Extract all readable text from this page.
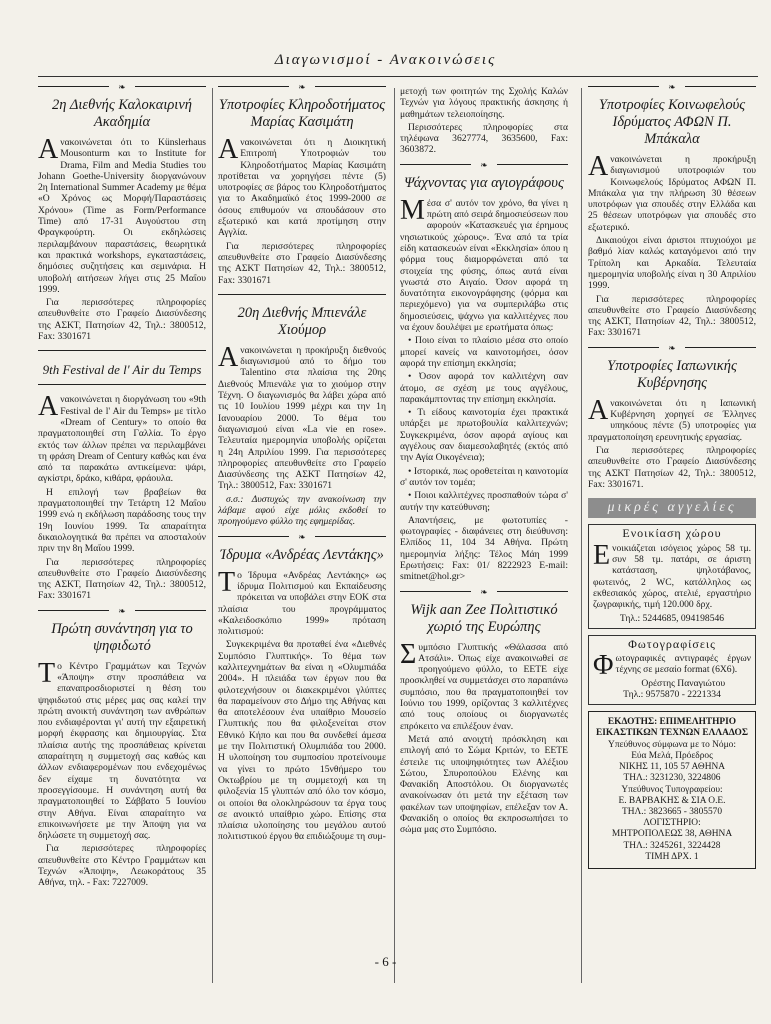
Διαγωνισμοί - Ανακοινώσεις
❧
2η Διεθνής Καλοκαιρινή Ακαδημία

Ανακοινώνεται ότι το Künslerhaus Mousonturm και το Institute for Drama, Film and Media Studies του Johann Goethe-University διοργανώνουν 2η International Summer Academy με θέμα «Ο Χρόνος ως Μορφή/Παραστάσεις Χρόνου» (Time as Form/Performance Time) από 17-31 Αυγούστου στη Φραγκφούρτη. Οι εκδηλώσεις περιλαμβάνουν παραστάσεις, θεωρητικά και πρακτικά workshops, εγκαταστάσεις, δημόσιες συζητήσεις και σεμινάρια. Η υποβολή αιτήσεων λήγει στις 25 Μαΐου 1999.

Για περισσότερες πληροφορίες απευθυνθείτε στο Γραφείο Διασύνδεσης της ΑΣΚΤ, Πατησίων 42, Τηλ.: 3800512, Fax: 3301671

9th Festival de l' Air du Temps

Ανακοινώνεται η διοργάνωση του «9th Festival de l' Air du Temps» με τίτλο «Dream of Century» το οποίο θα πραγματοποιηθεί στη Γαλλία. Το έργο εκτός των άλλων πρέπει να περιλαμβάνει τη φράση Dream of Century καθώς και ένα από τα παρακάτω αντικείμενα: ψάρι, αγκίστρι, δράκο, κιθάρα, φράουλα.

Η επιλογή των βραβείων θα πραγματοποιηθεί την Τετάρτη 12 Μαΐου 1999 ενώ η εκδήλωση παράδοσης τους την 19η Ιουνίου 1999. Τα απαραίτητα δικαιολογητικά θα πρέπει να αποσταλούν πριν την 8η Μαΐου 1999.

Για περισσότερες πληροφορίες απευθυνθείτε στο Γραφείο Διασύνδεσης της ΑΣΚΤ, Πατησίων 42, Τηλ.: 3800512, Fax: 3301671

❧
Πρώτη συνάντηση για το ψηφιδωτό

Το Κέντρο Γραμμάτων και Τεχνών «Άποψη» στην προσπάθεια να επαναπροσδιοριστεί η θέση του ψηφιδωτού στις μέρες μας σας καλεί την πρώτη ανοικτή συνάντηση των ανθρώπων που ενδιαφέρονται γι' αυτή την εξαιρετική μορφή έκφρασης και δημιουργίας. Στα πλαίσια αυτής της προσπάθειας κρίνεται απαραίτητη η συμμετοχή σας καθώς και άλλων ενδιαφερομένων που ενδεχομένως δεν είχαμε τη δυνατότητα να προσεγγίσουμε. Η συνάντηση αυτή θα πραγματοποιηθεί το Σάββατο 5 Ιουνίου στην Αθήνα. Είναι απαραίτητο να επικοινωνήσετε με την Άποψη για να δηλώσετε τη συμμετοχή σας.

Για περισσότερες πληροφορίες απευθυνθείτε στο Κέντρο Γραμμάτων και Τεχνών «Άποψη», Λεωκοράτους 35 Αθήνα, τηλ. - Fax: 7227009.

❧
Υποτροφίες Κληροδοτήματος Μαρίας Κασιμάτη

Ανακοινώνεται ότι η Διοικητική Επιτροπή Υποτροφιών του Κληροδοτήματος Μαρίας Κασιμάτη προτίθεται να χορηγήσει πέντε (5) υποτροφίες σε βάρος του Κληροδοτήματος για το Ακαδημαϊκό έτος 1999-2000 σε όσους επιθυμούν να σπουδάσουν στο εξωτερικό και κατά προτίμηση στην Αγγλία.

Για περισσότερες πληροφορίες απευθυνθείτε στο Γραφείο Διασύνδεσης της ΑΣΚΤ Πατησίων 42, Τηλ.: 3800512, Fax: 3301671

20η Διεθνής Μπιενάλε Χιούμορ

Ανακοινώνεται η προκήρυξη διεθνούς διαγωνισμού από το δήμο του Talentino στα πλαίσια της 20ης Διεθνούς Μπιενάλε για το χιούμορ στην Τέχνη. Ο διαγωνισμός θα λάβει χώρα από τις 10 Ιουλίου 1999 μέχρι και την 1η Ιανουαρίου 2000. Το θέμα του διαγωνισμού είναι «La vie en rose». Τελευταία ημερομηνία υποβολής ορίζεται η 24η Απριλίου 1999. Για περισσότερες πληροφορίες απευθυνθείτε στο Γραφείο Διασύνδεσης της ΑΣΚΤ Πατησίων 42, Τηλ.: 3800512, Fax: 3301671

σ.σ.: Δυστυχώς την ανακοίνωση την λάβαμε αφού είχε μόλις εκδοθεί το προηγούμενο φύλλο της εφημερίδας.

❧
Ίδρυμα «Ανδρέας Λεντάκης»

Το Ίδρυμα «Ανδρέας Λεντάκης» ως ίδρυμα Πολιτισμού και Εκπαίδευσης πρόκειται να υποβάλει στην ΕΟΚ στα πλαίσια του προγράμματος «Καλειδοσκόπιο 1999» πρόταση πολιτισμού:

Συγκεκριμένα θα προταθεί ένα «Διεθνές Συμπόσιο Γλυπτικής». Το θέμα των καλλιτεχνημάτων θα είναι η «Ολυμπιάδα 2004». Η πλειάδα των έργων που θα φιλοτεχνήσουν οι διακεκριμένοι γλύπτες θα παραμείνουν στο Δήμο της Αθήνας και θα αποτελέσουν ένα υπαίθριο Μουσείο Γλυπτικής που θα φιλοξενείται στον Εθνικό Κήπο και που θα συνδεθεί άμεσα με την Πολιτιστική Ολυμπιάδα του 2000. Η υλοποίηση του συμποσίου προτείνουμε να γίνει το πρώτο 15νθήμερο του Οκτωβρίου με τη συμμετοχή και τη φιλοξενία 15 γλυπτών από όλο τον κόσμο, οι οποίοι θα ολοκληρώσουν τα έργα τους σε ανοικτό υπαίθριο χώρο. Επίσης στα πλαίσια υλοποίησης του μεγάλου αυτού πολιτιστικού έργου θα επιδιώξουμε τη συμ-

μετοχή των φοιτητών της Σχολής Καλών Τεχνών για λόγους πρακτικής άσκησης ή μαθημάτων τελειοποίησης.

Περισσότερες πληροφορίες στα τηλέφωνα 3627774, 3635600, Fax: 3603872.

❧
Ψάχνοντας για αγιογράφους

Μέσα σ' αυτόν τον χρόνο, θα γίνει η πρώτη από σειρά δημοσιεύσεων που αφορούν «Κατασκευές για έρημους νησιωτικούς χώρους». Ένα από τα τρία είδη κατασκευών είναι «Εκκλησία» όπου η φόρμα τους διαμορφώνεται από τα στοιχεία της φύσης, όπως αυτά είναι γνωστά στο Αιγαίο. Όσον αφορά τη δυνατότητα εικονογράφησης (φόρμα και περιεχόμενο) για να συμπεριλάβω στις δημοσιεύσεις, ψάχνω για καλλιτέχνες που να έχουν δουλέψει με ερωτήματα όπως:

• Ποιο είναι το πλαίσιο μέσα στο οποίο μπορεί κανείς να καινοτομήσει, όσον αφορά την επίσημη εκκλησία;

• Όσον αφορά τον καλλιτέχνη σαν άτομο, σε σχέση με τους αγγέλους, παρακάμπτοντας την επίσημη εκκλησία.

• Τι είδους καινοτομία έχει πρακτικά υπάρξει με πρωτοβουλία καλλιτεχνών; Συγκεκριμένα, όσον αφορά αγίους και αγγέλους σαν διαμεσολαβητές (εκτός από την Αγία Οικογένεια);

• Ιστορικά, πως οροθετείται η καινοτομία σ' αυτόν τον τομέα;

• Ποιοι καλλιτέχνες προσπαθούν τώρα σ' αυτήν την κατεύθυνση;

Απαντήσεις, με φωτοτυπίες - φωτογραφίες - διαφάνειες στη διεύθυνση: Ελπίδος 11, 104 34 Αθήνα. Πρώτη ημερομηνία λήξης: Τέλος Μάη 1999 Ερωτήσεις: Fax: 01/ 8222923 E-mail: smitnet@hol.gr>

❧
Wijk aan Zee Πολιτιστικό χωριό της Ευρώπης

Συμπόσιο Γλυπτικής «Θάλασσα από Ατσάλι». Όπως είχε ανακοινωθεί σε προηγούμενο φύλλο, το ΕΕΤΕ είχε προσκληθεί να συμμετάσχει στο παραπάνω συμπόσιο, που θα πραγματοποιηθεί τον Ιούνιο του 1999, ορίζοντας 3 καλλιτέχνες από τους οποίους οι διοργανωτές επρόκειτο να επιλέξουν έναν.

Μετά από ανοιχτή πρόσκληση και επιλογή από το Σώμα Κριτών, το ΕΕΤΕ έστειλε τις υποψηφιότητες των Αλέξιου Σώτου, Σπυροπούλου Ελένης και Φανακίδη Αποστόλου. Οι διοργανωτές ανακοίνωσαν ότι μετά την εξέταση των φακέλων των υποψηφίων, επέλεξαν τον Α. Φανακίδη ο οποίος θα εκπροσωπήσει το σώμα μας στο Συμπόσιο.

❧
Υποτροφίες Κοινωφελούς Ιδρύματος ΑΦΩΝ Π. Μπάκαλα

Ανακοινώνεται η προκήρυξη διαγωνισμού υποτροφιών του Κοινωφελούς Ιδρύματος ΑΦΩΝ Π. Μπάκαλα για την πλήρωση 30 θέσεων υποτρόφων για σπουδές στην Ελλάδα και 25 θέσεων υποτρόφων για σπουδές στο εξωτερικό.

Δικαιούχοι είναι άριστοι πτυχιούχοι με βαθμό λίαν καλώς καταγόμενοι από την Τρίπολη και Αρκαδία. Τελευταία ημερομηνία υποβολής είναι η 30 Απριλίου 1999.

Για περισσότερες πληροφορίες απευθυνθείτε στο Γραφείο Διασύνδεσης της ΑΣΚΤ, Πατησίων 42, Τηλ.: 3800512, Fax: 3301671

❧
Υποτροφίες Ιαπωνικής Κυβέρνησης

Ανακοινώνεται ότι η Ιαπωνική Κυβέρνηση χορηγεί σε Έλληνες υπηκόους πέντε (5) υποτροφίες για πραγματοποίηση ερευνητικής εργασίας.

Για περισσότερες πληροφορίες απευθυνθείτε στο Γραφείο Διασύνδεσης της ΑΣΚΤ Πατησίων 42, Τηλ.: 3800512, Fax: 3301671.

μικρές αγγελίες
Ενοικίαση χώρου

Ενοικιάζεται ισόγειος χώρος 58 τμ. συν 58 τμ. πατάρι, σε άριστη κατάσταση, ψηλοτάβανος, φωτεινός, 2 WC, κατάλληλος ως εκθεσιακός χώρος, ατελιέ, εργαστήριο ζωγραφικής, τιμή 120.000 δρχ.

Τηλ.: 5244685, 094198546
Φωτογραφίσεις

Φωτογραφικές αντιγραφές έργων τέχνης σε μεσαίο format (6Χ6).

Ορέστης Παναγιώτου
Τηλ.: 9575870 - 2221334
ΕΚΔΟΤΗΣ: ΕΠΙΜΕΛΗΤΗΡΙΟ
ΕΙΚΑΣΤΙΚΩΝ ΤΕΧΝΩΝ ΕΛΛΑΔΟΣ
Υπεύθυνος σύμφωνα με το Νόμο:
Εύα Μελά, Πρόεδρος
ΝΙΚΗΣ 11, 105 57 ΑΘΗΝΑ
ΤΗΛ.: 3231230, 3224806
Υπεύθυνος Τυπογραφείου:
Ε. ΒΑΡΒΑΚΗΣ & ΣΙΑ Ο.Ε.
ΤΗΛ.: 3823665 - 3805570
ΛΟΓΙΣΤΗΡΙΟ:
ΜΗΤΡΟΠΟΛΕΩΣ 38, ΑΘΗΝΑ
ΤΗΛ.: 3245261, 3224428
ΤΙΜΗ ΔΡΧ. 1
- 6 -
